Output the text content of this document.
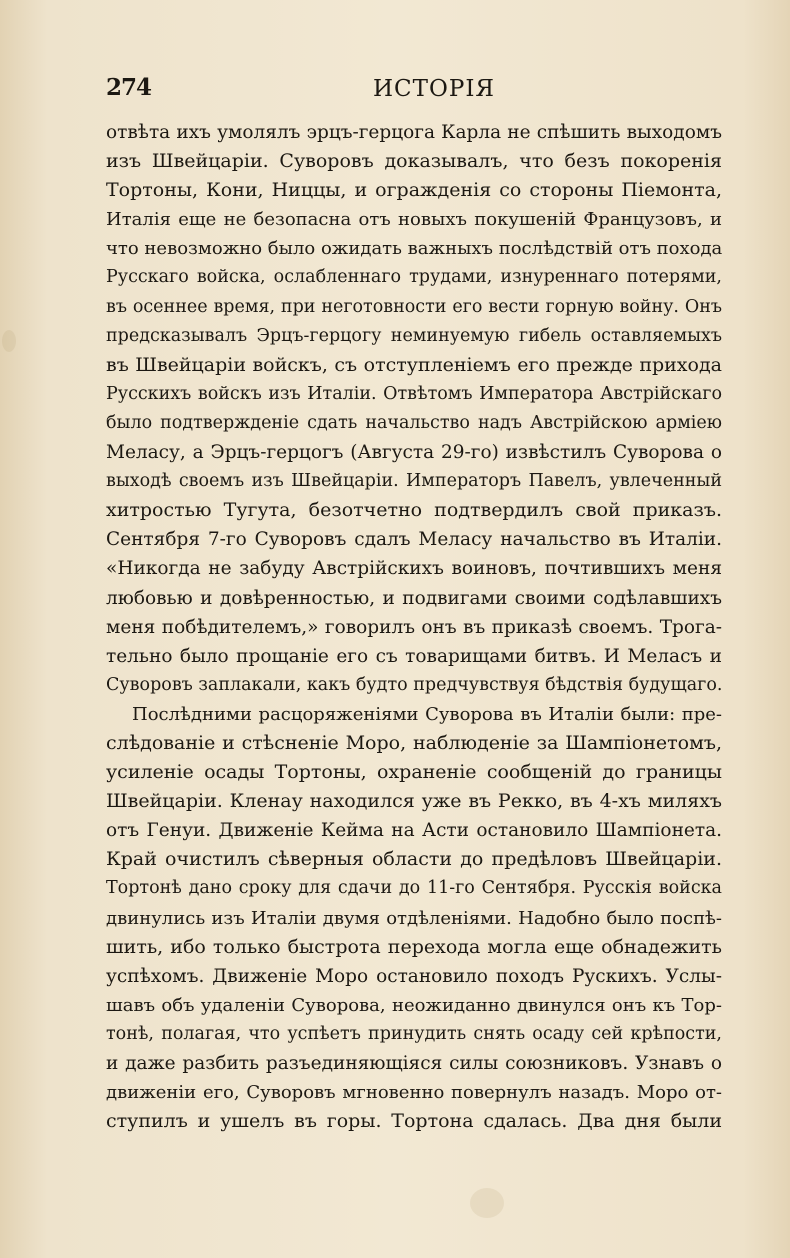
274	ИСТОРІЯ
отвѣта ихъ умолялъ эрцъ-герцога Карла не спѣшить выходомъ
изъ Швейцаріи. Суворовъ доказывалъ, что безъ покоренія
Тортоны, Кони, Ниццы, и огражденія со стороны Піемонта,
Италія еще не безопасна отъ новыхъ покушеній Французовъ, и
что невозможно было ожидать важныхъ послѣдствій отъ похода
Русскаго войска, ослабленнаго трудами, изнуреннаго потерями,
въ осеннее время, при неготовности его вести горную войну. Онъ
предсказывалъ Эрцъ-герцогу неминуемую гибель оставляемыхъ
въ Швейцаріи войскъ, съ отступленіемъ его прежде прихода
Русскихъ войскъ изъ Италіи. Отвѣтомъ Императора Австрійскаго
было подтвержденіе сдать начальство надъ Австрійскою арміею
Меласу, а Эрцъ-герцогъ (Августа 29-го) извѣстилъ Суворова о
выходѣ своемъ изъ Швейцаріи. Императоръ Павелъ, увлеченный
хитростью Тугута, безотчетно подтвердилъ свой приказъ.
Сентября 7-го Суворовъ сдалъ Меласу начальство въ Италіи.
«Никогда не забуду Австрійскихъ воиновъ, почтившихъ меня
любовью и довѣренностью, и подвигами своими содѣлавшихъ
меня побѣдителемъ,» говорилъ онъ въ приказѣ своемъ. Трога-
тельно было прощаніе его съ товарищами битвъ. И Меласъ и
Суворовъ заплакали, какъ будто предчувствуя бѣдствія будущаго.
Послѣдними расцоряженіями Суворова въ Италіи были: пре-
слѣдованіе и стѣсненіе Моро, наблюденіе за Шампіонетомъ,
усиленіе осады Тортоны, охраненіе сообщеній до границы
Швейцаріи. Кленау находился уже въ Рекко, въ 4-хъ миляхъ
отъ Генуи. Движеніе Кейма на Асти остановило Шампіонета.
Край очистилъ сѣверныя области до предѣловъ Швейцаріи.
Тортонѣ дано сроку для сдачи до 11-го Сентября. Русскія войска
двинулись изъ Италіи двумя отдѣленіями. Надобно было поспѣ-
шить, ибо только быстрота перехода могла еще обнадежить
успѣхомъ. Движеніе Моро остановило походъ Рускихъ. Услы-
шавъ объ удаленіи Суворова, неожиданно двинулся онъ къ Тор-
тонѣ, полагая, что успѣетъ принудить снять осаду сей крѣпости,
и даже разбить разъединяющіяся силы союзниковъ. Узнавъ о
движеніи его, Суворовъ мгновенно повернулъ назадъ. Моро от-
ступилъ и ушелъ въ горы. Тортона сдалась. Два дня были
